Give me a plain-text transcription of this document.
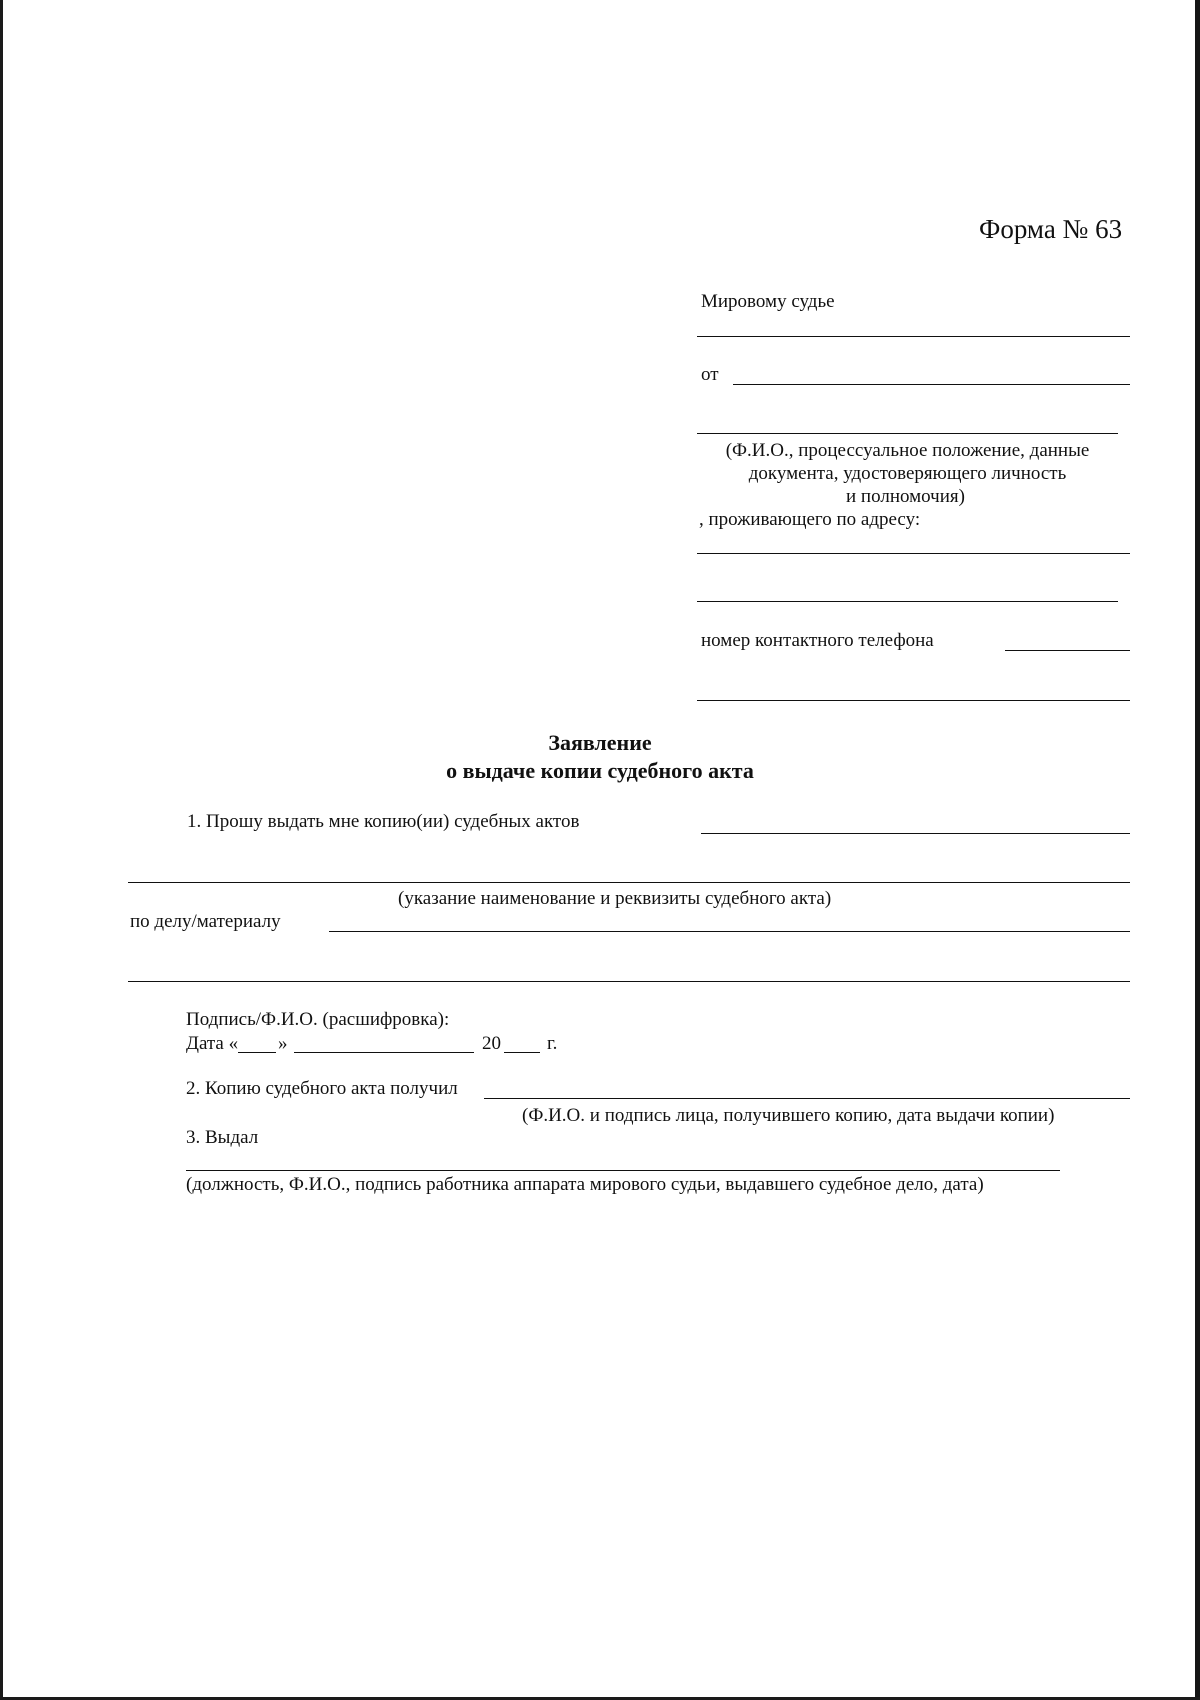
Форма № 63
Мировому судье
от
(Ф.И.О., процессуальное положение, данные
документа, удостоверяющего личность
и полномочия)
, проживающего по адресу:
номер контактного телефона
Заявление
о выдаче копии судебного акта
1. Прошу выдать мне копию(ии) судебных актов
(указание наименование и реквизиты судебного акта)
по делу/материалу
Подпись/Ф.И.О. (расшифровка):
Дата « »	20 г.
2. Копию судебного акта получил
(Ф.И.О. и подпись лица, получившего копию, дата выдачи копии)
3. Выдал
(должность, Ф.И.О., подпись работника аппарата мирового судьи, выдавшего судебное дело, дата)
